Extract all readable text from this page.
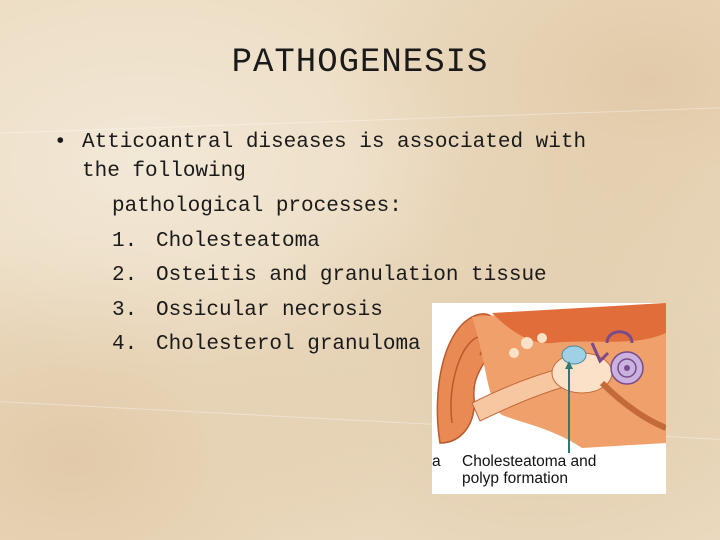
PATHOGENESIS
• Atticoantral diseases is associated with
the following
pathological processes:
1. Cholesteatoma
2. Osteitis and granulation tissue
3. Ossicular necrosis
4. Cholesterol granuloma
a Cholesteatoma and
polyp formation
